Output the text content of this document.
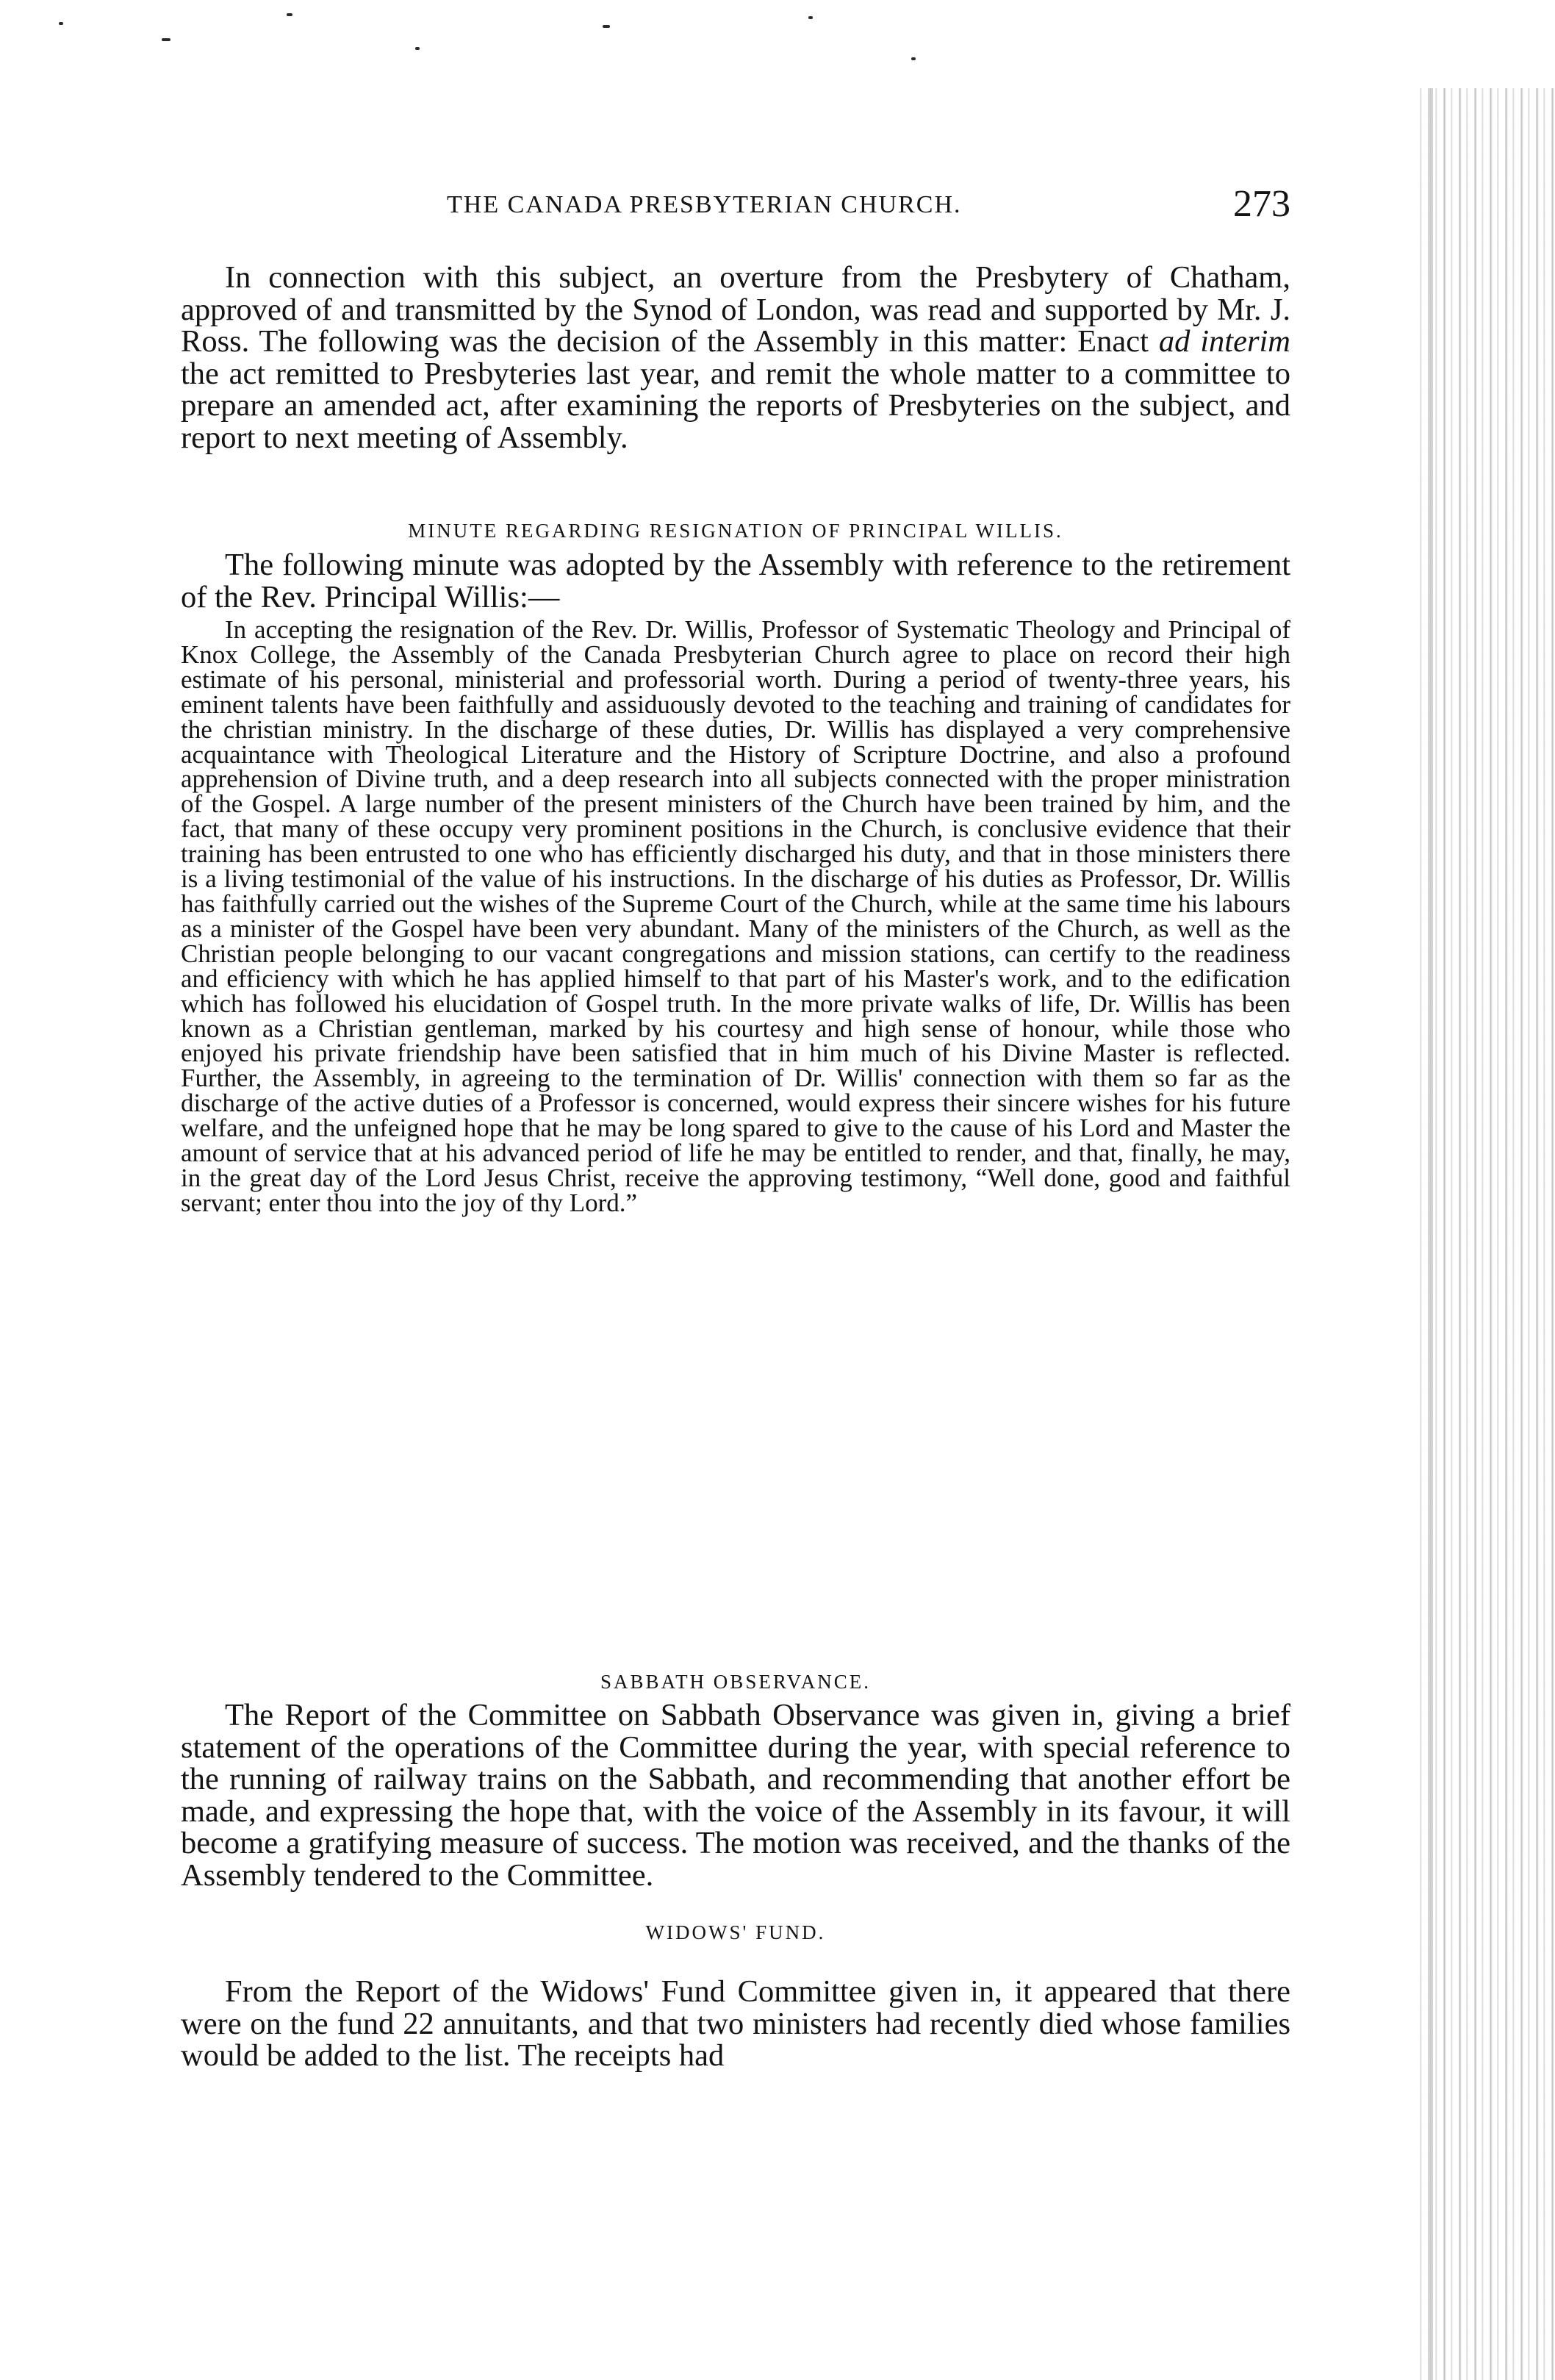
THE CANADA PRESBYTERIAN CHURCH.	273

In connection with this subject, an overture from the Presbytery of Chatham, approved of and transmitted by the Synod of London, was read and supported by Mr. J. Ross. The following was the decision of the Assembly in this matter: Enact ad interim the act remitted to Presbyteries last year, and remit the whole matter to a committee to prepare an amended act, after examining the reports of Presbyteries on the subject, and report to next meeting of Assembly.

MINUTE REGARDING RESIGNATION OF PRINCIPAL WILLIS.

The following minute was adopted by the Assembly with reference to the retirement of the Rev. Principal Willis:—

In accepting the resignation of the Rev. Dr. Willis, Professor of Systematic Theology and Principal of Knox College, the Assembly of the Canada Presbyterian Church agree to place on record their high estimate of his personal, ministerial and professorial worth. During a period of twenty-three years, his eminent talents have been faithfully and assiduously devoted to the teaching and training of candidates for the christian ministry. In the discharge of these duties, Dr. Willis has displayed a very comprehensive acquaintance with Theological Literature and the History of Scripture Doctrine, and also a profound apprehension of Divine truth, and a deep research into all subjects connected with the proper ministration of the Gospel. A large number of the present ministers of the Church have been trained by him, and the fact, that many of these occupy very prominent positions in the Church, is conclusive evidence that their training has been entrusted to one who has efficiently discharged his duty, and that in those ministers there is a living testimonial of the value of his instructions. In the discharge of his duties as Professor, Dr. Willis has faithfully carried out the wishes of the Supreme Court of the Church, while at the same time his labours as a minister of the Gospel have been very abundant. Many of the ministers of the Church, as well as the Christian people belonging to our vacant congregations and mission stations, can certify to the readiness and efficiency with which he has applied himself to that part of his Master's work, and to the edification which has followed his elucidation of Gospel truth. In the more private walks of life, Dr. Willis has been known as a Christian gentleman, marked by his courtesy and high sense of honour, while those who enjoyed his private friendship have been satisfied that in him much of his Divine Master is reflected. Further, the Assembly, in agreeing to the termination of Dr. Willis' connection with them so far as the discharge of the active duties of a Professor is concerned, would express their sincere wishes for his future welfare, and the unfeigned hope that he may be long spared to give to the cause of his Lord and Master the amount of service that at his advanced period of life he may be entitled to render, and that, finally, he may, in the great day of the Lord Jesus Christ, receive the approving testimony, “Well done, good and faithful servant; enter thou into the joy of thy Lord.”

SABBATH OBSERVANCE.

The Report of the Committee on Sabbath Observance was given in, giving a brief statement of the operations of the Committee during the year, with special reference to the running of railway trains on the Sabbath, and recommending that another effort be made, and expressing the hope that, with the voice of the Assembly in its favour, it will become a gratifying measure of success. The motion was received, and the thanks of the Assembly tendered to the Committee.

WIDOWS' FUND.

From the Report of the Widows' Fund Committee given in, it appeared that there were on the fund 22 annuitants, and that two ministers had recently died whose families would be added to the list. The receipts had
